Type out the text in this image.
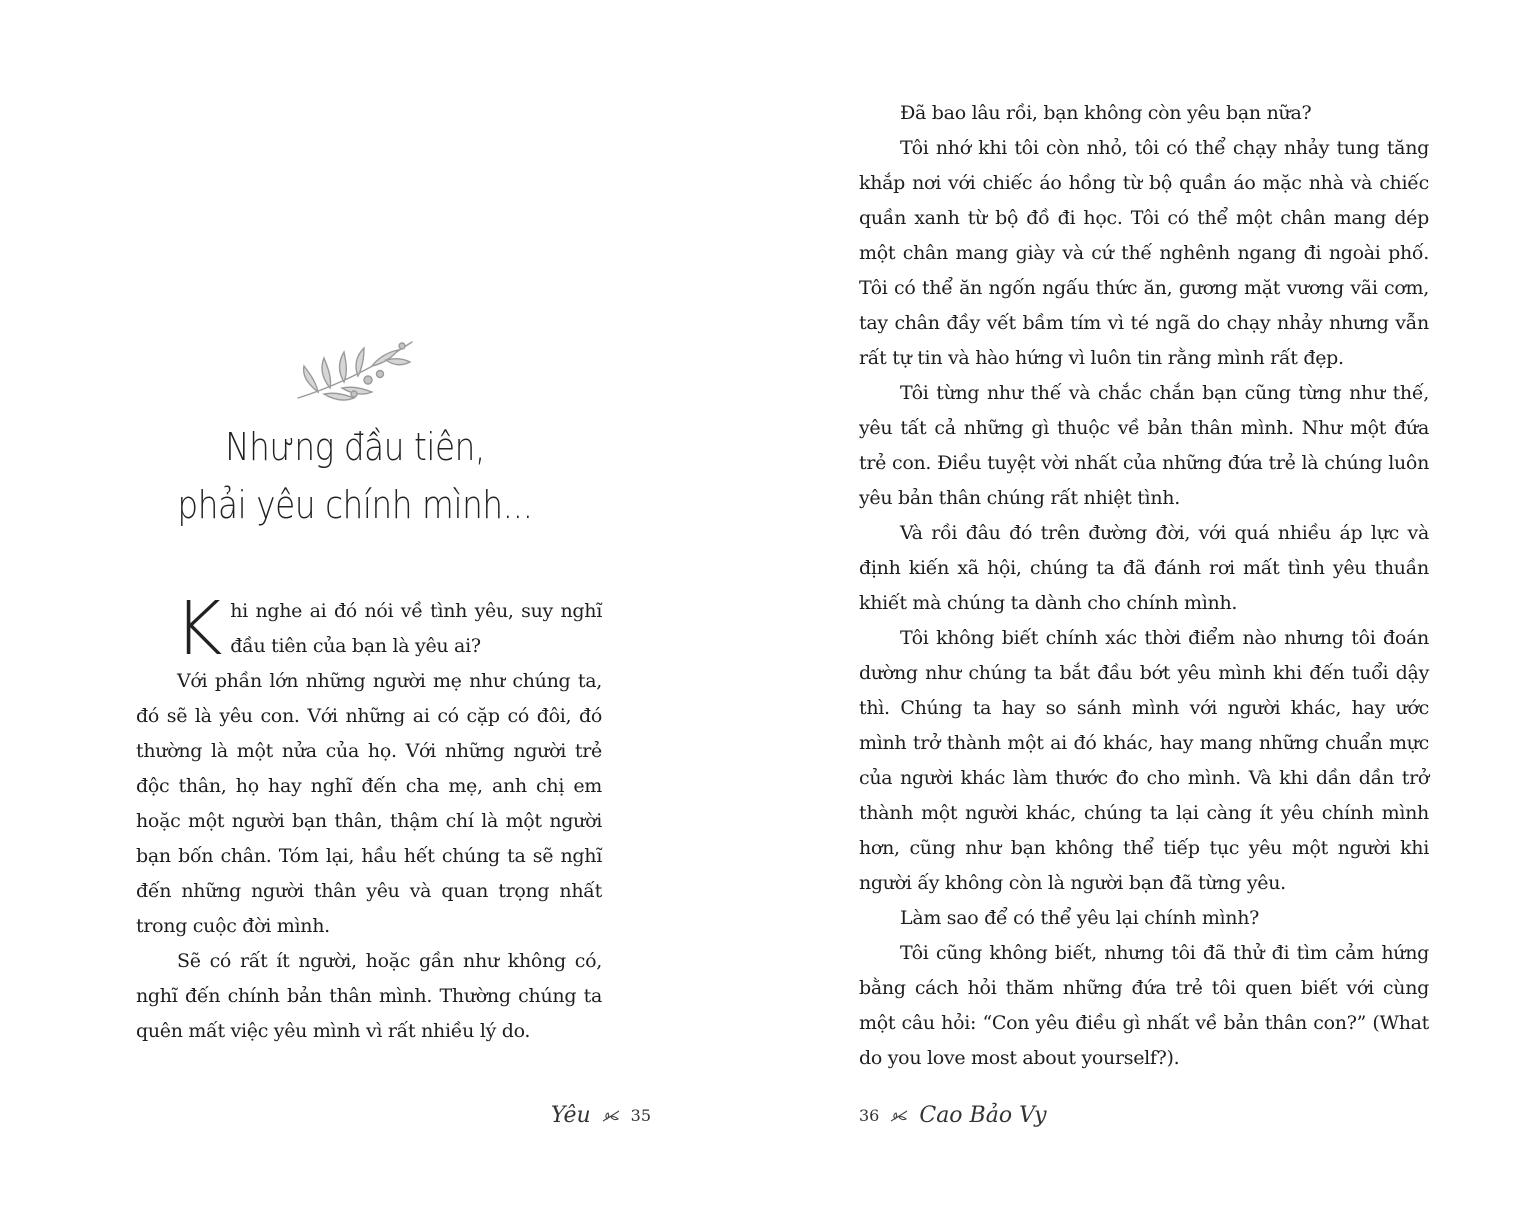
Nhưng đầu tiên,
phải yêu chính mình...

Khi nghe ai đó nói về tình yêu, suy nghĩ đầu tiên của bạn là yêu ai?

Với phần lớn những người mẹ như chúng ta, đó sẽ là yêu con. Với những ai có cặp có đôi, đó thường là một nửa của họ. Với những người trẻ độc thân, họ hay nghĩ đến cha mẹ, anh chị em hoặc một người bạn thân, thậm chí là một người bạn bốn chân. Tóm lại, hầu hết chúng ta sẽ nghĩ đến những người thân yêu và quan trọng nhất trong cuộc đời mình.

Sẽ có rất ít người, hoặc gần như không có, nghĩ đến chính bản thân mình. Thường chúng ta quên mất việc yêu mình vì rất nhiều lý do.

Yêu	35

Đã bao lâu rồi, bạn không còn yêu bạn nữa?

Tôi nhớ khi tôi còn nhỏ, tôi có thể chạy nhảy tung tăng khắp nơi với chiếc áo hồng từ bộ quần áo mặc nhà và chiếc quần xanh từ bộ đồ đi học. Tôi có thể một chân mang dép một chân mang giày và cứ thế nghênh ngang đi ngoài phố. Tôi có thể ăn ngốn ngấu thức ăn, gương mặt vương vãi cơm, tay chân đầy vết bầm tím vì té ngã do chạy nhảy nhưng vẫn rất tự tin và hào hứng vì luôn tin rằng mình rất đẹp.

Tôi từng như thế và chắc chắn bạn cũng từng như thế, yêu tất cả những gì thuộc về bản thân mình. Như một đứa trẻ con. Điều tuyệt vời nhất của những đứa trẻ là chúng luôn yêu bản thân chúng rất nhiệt tình.

Và rồi đâu đó trên đường đời, với quá nhiều áp lực và định kiến xã hội, chúng ta đã đánh rơi mất tình yêu thuần khiết mà chúng ta dành cho chính mình.

Tôi không biết chính xác thời điểm nào nhưng tôi đoán dường như chúng ta bắt đầu bớt yêu mình khi đến tuổi dậy thì. Chúng ta hay so sánh mình với người khác, hay ước mình trở thành một ai đó khác, hay mang những chuẩn mực của người khác làm thước đo cho mình. Và khi dần dần trở thành một người khác, chúng ta lại càng ít yêu chính mình hơn, cũng như bạn không thể tiếp tục yêu một người khi người ấy không còn là người bạn đã từng yêu.

Làm sao để có thể yêu lại chính mình?

Tôi cũng không biết, nhưng tôi đã thử đi tìm cảm hứng bằng cách hỏi thăm những đứa trẻ tôi quen biết với cùng một câu hỏi: “Con yêu điều gì nhất về bản thân con?” (What do you love most about yourself?).

36 Cao Bảo Vy
